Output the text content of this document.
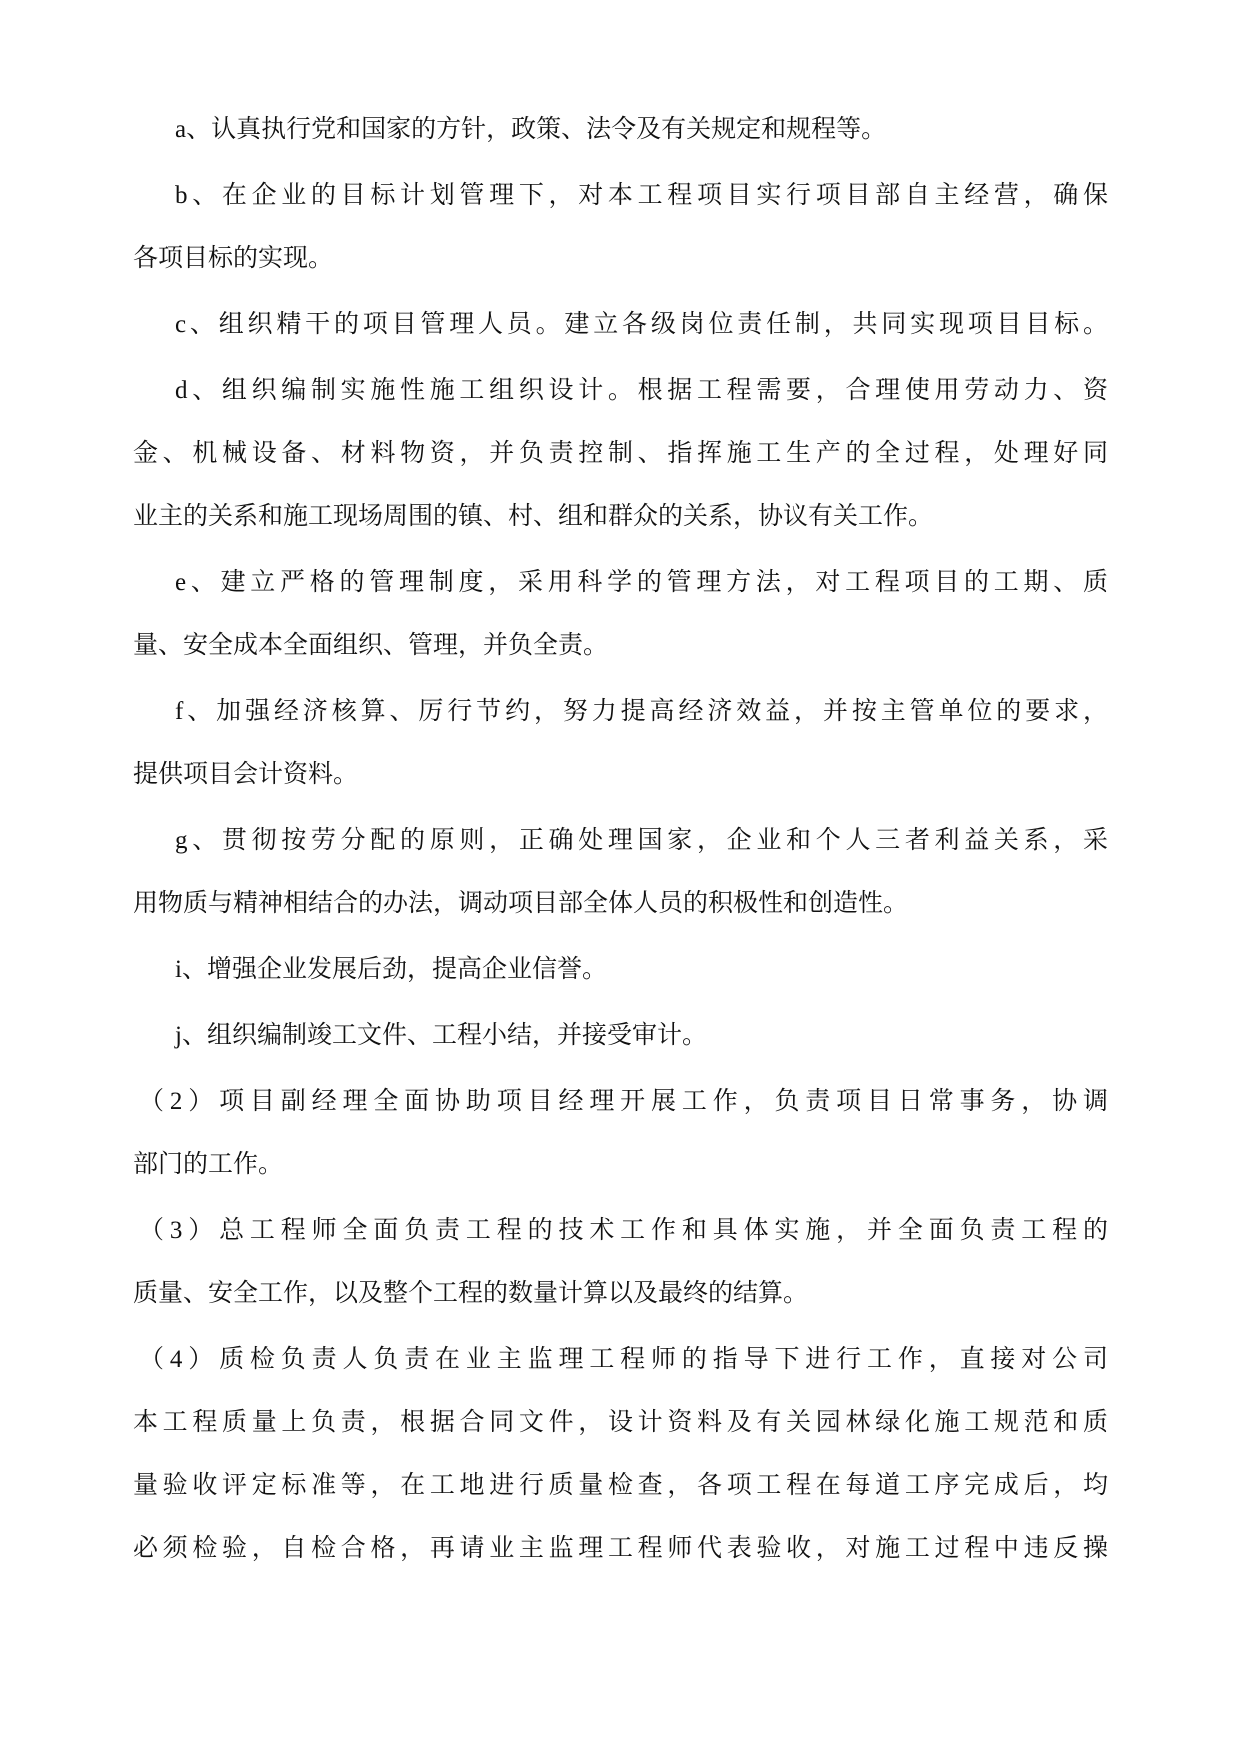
a、认真执行党和国家的方针，政策、法令及有关规定和规程等。
b、在企业的目标计划管理下，对本工程项目实行项目部自主经营，确保
各项目标的实现。
c、组织精干的项目管理人员。建立各级岗位责任制，共同实现项目目标。
d、组织编制实施性施工组织设计。根据工程需要，合理使用劳动力、资
金、机械设备、材料物资，并负责控制、指挥施工生产的全过程，处理好同
业主的关系和施工现场周围的镇、村、组和群众的关系，协议有关工作。
e、建立严格的管理制度，采用科学的管理方法，对工程项目的工期、质
量、安全成本全面组织、管理，并负全责。
f、加强经济核算、厉行节约，努力提高经济效益，并按主管单位的要求，
提供项目会计资料。
g、贯彻按劳分配的原则，正确处理国家，企业和个人三者利益关系，采
用物质与精神相结合的办法，调动项目部全体人员的积极性和创造性。
i、增强企业发展后劲，提高企业信誉。
j、组织编制竣工文件、工程小结，并接受审计。
（2）项目副经理全面协助项目经理开展工作，负责项目日常事务，协调
部门的工作。
（3）总工程师全面负责工程的技术工作和具体实施，并全面负责工程的
质量、安全工作，以及整个工程的数量计算以及最终的结算。
（4）质检负责人负责在业主监理工程师的指导下进行工作，直接对公司
本工程质量上负责，根据合同文件，设计资料及有关园林绿化施工规范和质
量验收评定标准等，在工地进行质量检查，各项工程在每道工序完成后，均
必须检验，自检合格，再请业主监理工程师代表验收，对施工过程中违反操
